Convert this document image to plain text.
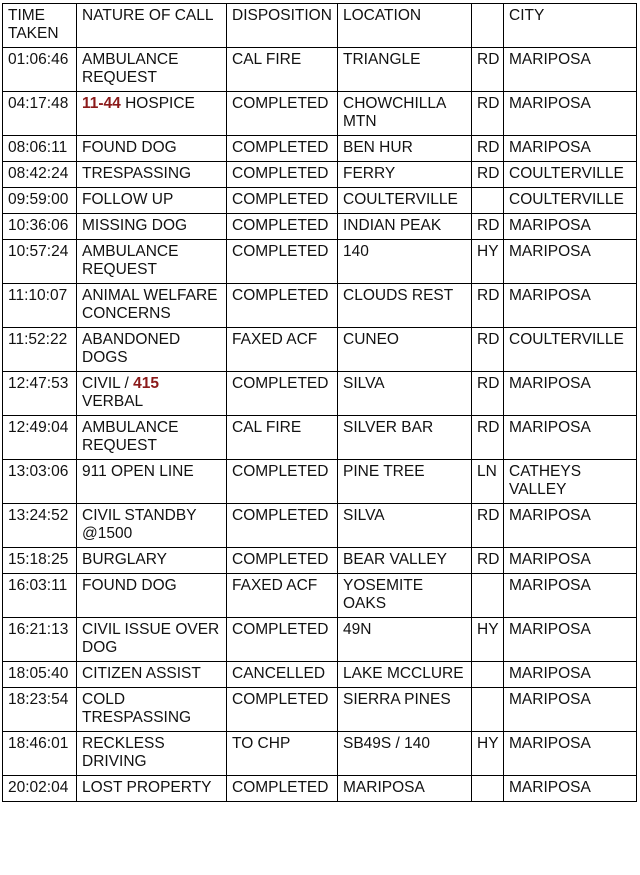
TIME TAKEN	NATURE OF CALL	DISPOSITION	LOCATION		CITY
01:06:46	AMBULANCE REQUEST	CAL FIRE	TRIANGLE	RD	MARIPOSA
04:17:48	11-44 HOSPICE	COMPLETED	CHOWCHILLA MTN	RD	MARIPOSA
08:06:11	FOUND DOG	COMPLETED	BEN HUR	RD	MARIPOSA
08:42:24	TRESPASSING	COMPLETED	FERRY	RD	COULTERVILLE
09:59:00	FOLLOW UP	COMPLETED	COULTERVILLE		COULTERVILLE
10:36:06	MISSING DOG	COMPLETED	INDIAN PEAK	RD	MARIPOSA
10:57:24	AMBULANCE REQUEST	COMPLETED	140	HY	MARIPOSA
11:10:07	ANIMAL WELFARE CONCERNS	COMPLETED	CLOUDS REST	RD	MARIPOSA
11:52:22	ABANDONED DOGS	FAXED ACF	CUNEO	RD	COULTERVILLE
12:47:53	CIVIL / 415 VERBAL	COMPLETED	SILVA	RD	MARIPOSA
12:49:04	AMBULANCE REQUEST	CAL FIRE	SILVER BAR	RD	MARIPOSA
13:03:06	911 OPEN LINE	COMPLETED	PINE TREE	LN	CATHEYS VALLEY
13:24:52	CIVIL STANDBY @1500	COMPLETED	SILVA	RD	MARIPOSA
15:18:25	BURGLARY	COMPLETED	BEAR VALLEY	RD	MARIPOSA
16:03:11	FOUND DOG	FAXED ACF	YOSEMITE OAKS		MARIPOSA
16:21:13	CIVIL ISSUE OVER DOG	COMPLETED	49N	HY	MARIPOSA
18:05:40	CITIZEN ASSIST	CANCELLED	LAKE MCCLURE		MARIPOSA
18:23:54	COLD TRESPASSING	COMPLETED	SIERRA PINES		MARIPOSA
18:46:01	RECKLESS DRIVING	TO CHP	SB49S / 140	HY	MARIPOSA
20:02:04	LOST PROPERTY	COMPLETED	MARIPOSA		MARIPOSA
